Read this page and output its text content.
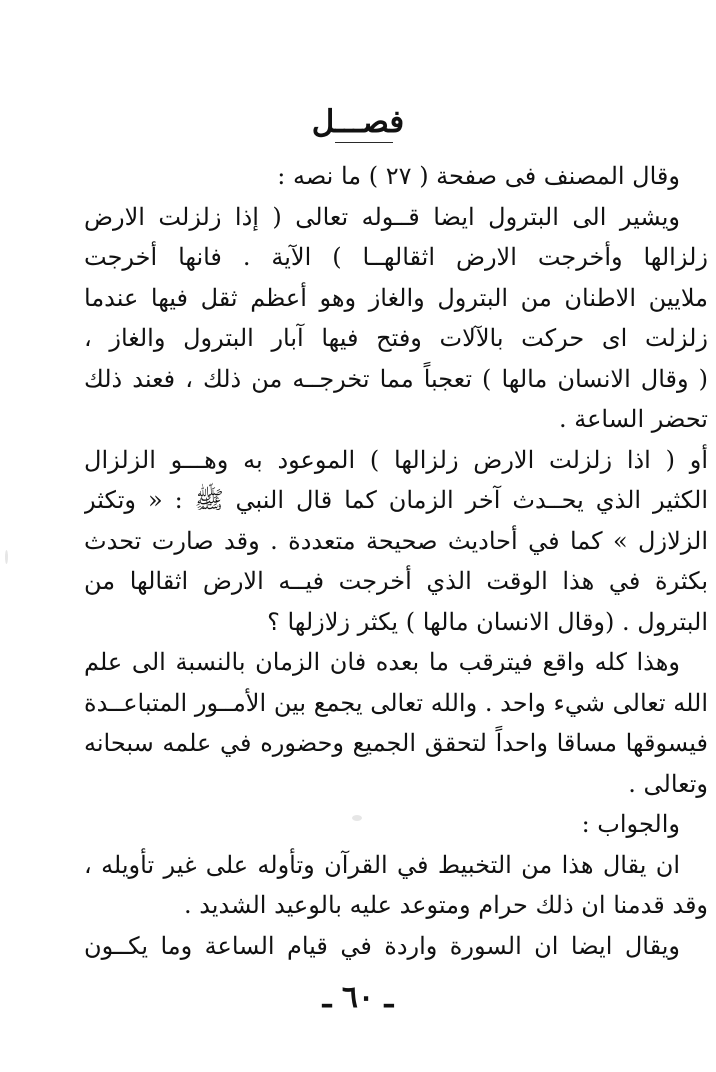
فصـــل
وقال المصنف فى صفحة ( ٢٧ ) ما نصه :
ويشير الى البترول ايضا قــوله تعالى ( إذا زلزلت الارض
زلزالها وأخرجت الارض اثقالهــا ) الآية . فانها أخرجت
ملايين الاطنان من البترول والغاز وهو أعظم ثقل فيها عندما
زلزلت اى حركت بالآلات وفتح فيها آبار البترول والغاز ،
( وقال الانسان مالها ) تعجباً مما تخرجــه من ذلك ، فعند ذلك
تحضر الساعة .
أو ( اذا زلزلت الارض زلزالها ) الموعود به وهـــو الزلزال
الكثير الذي يحــدث آخر الزمان كما قال النبي ﷺ : « وتكثر
الزلازل » كما في أحاديث صحيحة متعددة . وقد صارت تحدث
بكثرة في هذا الوقت الذي أخرجت فيــه الارض اثقالها من
البترول . (وقال الانسان مالها ) يكثر زلازلها ؟
وهذا كله واقع فيترقب ما بعده فان الزمان بالنسبة الى علم
الله تعالى شيء واحد . والله تعالى يجمع بين الأمــور المتباعــدة
فيسوقها مساقا واحداً لتحقق الجميع وحضوره في علمه سبحانه
وتعالى .
والجواب :
ان يقال هذا من التخبيط في القرآن وتأوله على غير تأويله ،
وقد قدمنا ان ذلك حرام ومتوعد عليه بالوعيد الشديد .
ويقال ايضا ان السورة واردة في قيام الساعة وما يكــون
ـ ٦٠ ـ
